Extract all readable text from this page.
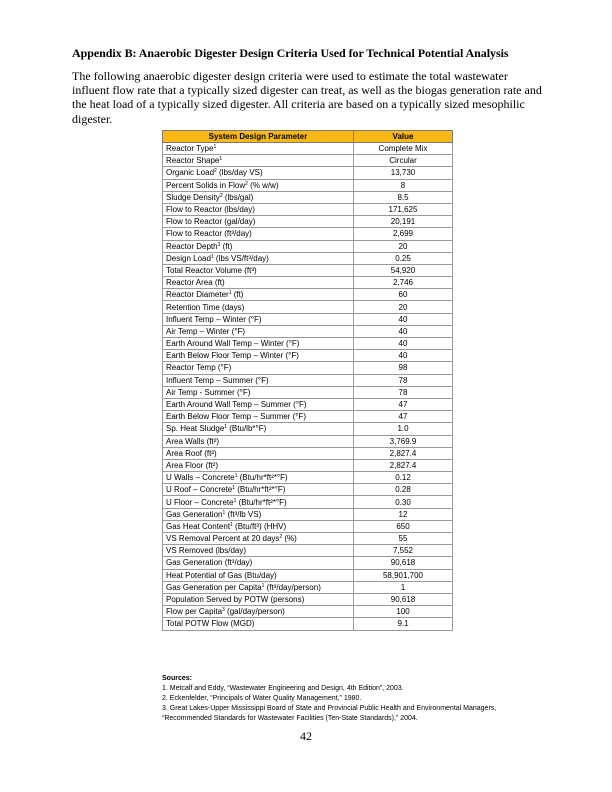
Appendix B: Anaerobic Digester Design Criteria Used for Technical Potential Analysis
The following anaerobic digester design criteria were used to estimate the total wastewater influent flow rate that a typically sized digester can treat, as well as the biogas generation rate and the heat load of a typically sized digester. All criteria are based on a typically sized mesophilic digester.
System Design Parameter	Value
Reactor Type$^1$	Complete Mix
Reactor Shape$^1$	Circular
Organic Load$^2$ (lbs/day VS)	13,730
Percent Solids in Flow$^2$ (% w/w)	8
Sludge Density$^2$ (lbs/gal)	8.5
Flow to Reactor (lbs/day)	171,625
Flow to Reactor (gal/day)	20,191
Flow to Reactor (ft³/day)	2,699
Reactor Depth$^3$ (ft)	20
Design Load$^1$ (lbs VS/ft³/day)	0.25
Total Reactor Volume (ft³)	54,920
Reactor Area (ft)	2,746
Reactor Diameter$^1$ (ft)	60
Retention Time (days)	20
Influent Temp – Winter (°F)	40
Air Temp – Winter (°F)	40
Earth Around Wall Temp – Winter (°F)	40
Earth Below Floor Temp – Winter (°F)	40
Reactor Temp (°F)	98
Influent Temp – Summer (°F)	78
Air Temp - Summer (°F)	78
Earth Around Wall Temp – Summer (°F)	47
Earth Below Floor Temp – Summer (°F)	47
Sp. Heat Sludge$^1$ (Btu/lb*°F)	1.0
Area Walls (ft²)	3,769.9
Area Roof (ft²)	2,827.4
Area Floor (ft²)	2,827.4
U Walls – Concrete$^1$ (Btu/hr*ft²*°F)	0.12
U Roof – Concrete$^1$ (Btu/hr*ft²*°F)	0.28
U Floor – Concrete$^1$ (Btu/hr*ft²*°F)	0.30
Gas Generation$^1$ (ft³/lb VS)	12
Gas Heat Content$^1$ (Btu/ft³) (HHV)	650
VS Removal Percent at 20 days$^2$ (%)	55
VS Removed (lbs/day)	7,552
Gas Generation (ft³/day)	90,618
Heat Potential of Gas (Btu/day)	58,901,700
Gas Generation per Capita$^1$ (ft³/day/person)	1
Population Served by POTW (persons)	90,618
Flow per Capita$^3$ (gal/day/person)	100
Total POTW Flow (MGD)	9.1
Sources:
1. Metcalf and Eddy, “Wastewater Engineering and Design, 4th Edition”, 2003.
2. Eckenfelder, “Principals of Water Quality Management,” 1980.
3. Great Lakes-Upper Mississippi Board of State and Provincial Public Health and Environmental Managers,
“Recommended Standards for Wastewater Facilities (Ten-State Standards),” 2004.
42
